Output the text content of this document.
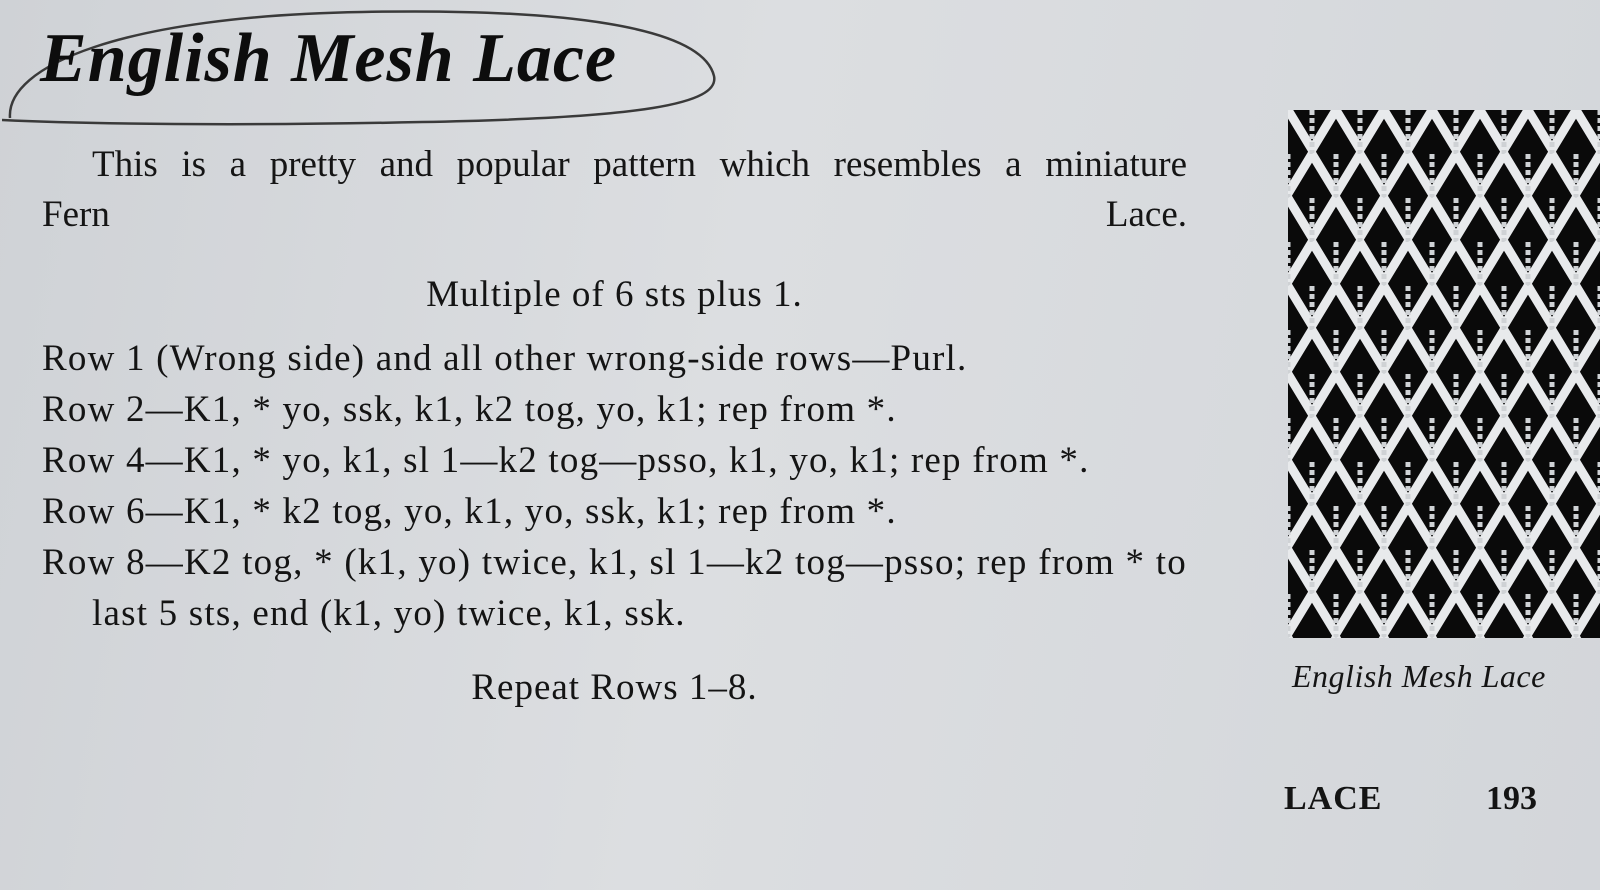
English Mesh Lace

This is a pretty and popular pattern which resembles a miniature Fern Lace.

Multiple of 6 sts plus 1.
Row 1 (Wrong side) and all other wrong-side rows—Purl.
Row 2—K1, * yo, ssk, k1, k2 tog, yo, k1; rep from *.
Row 4—K1, * yo, k1, sl 1—k2 tog—psso, k1, yo, k1; rep from *.
Row 6—K1, * k2 tog, yo, k1, yo, ssk, k1; rep from *.
Row 8—K2 tog, * (k1, yo) twice, k1, sl 1—k2 tog—psso; rep from * to last 5 sts, end (k1, yo) twice, k1, ssk.
Repeat Rows 1–8.	English Mesh Lace
LACE	193
